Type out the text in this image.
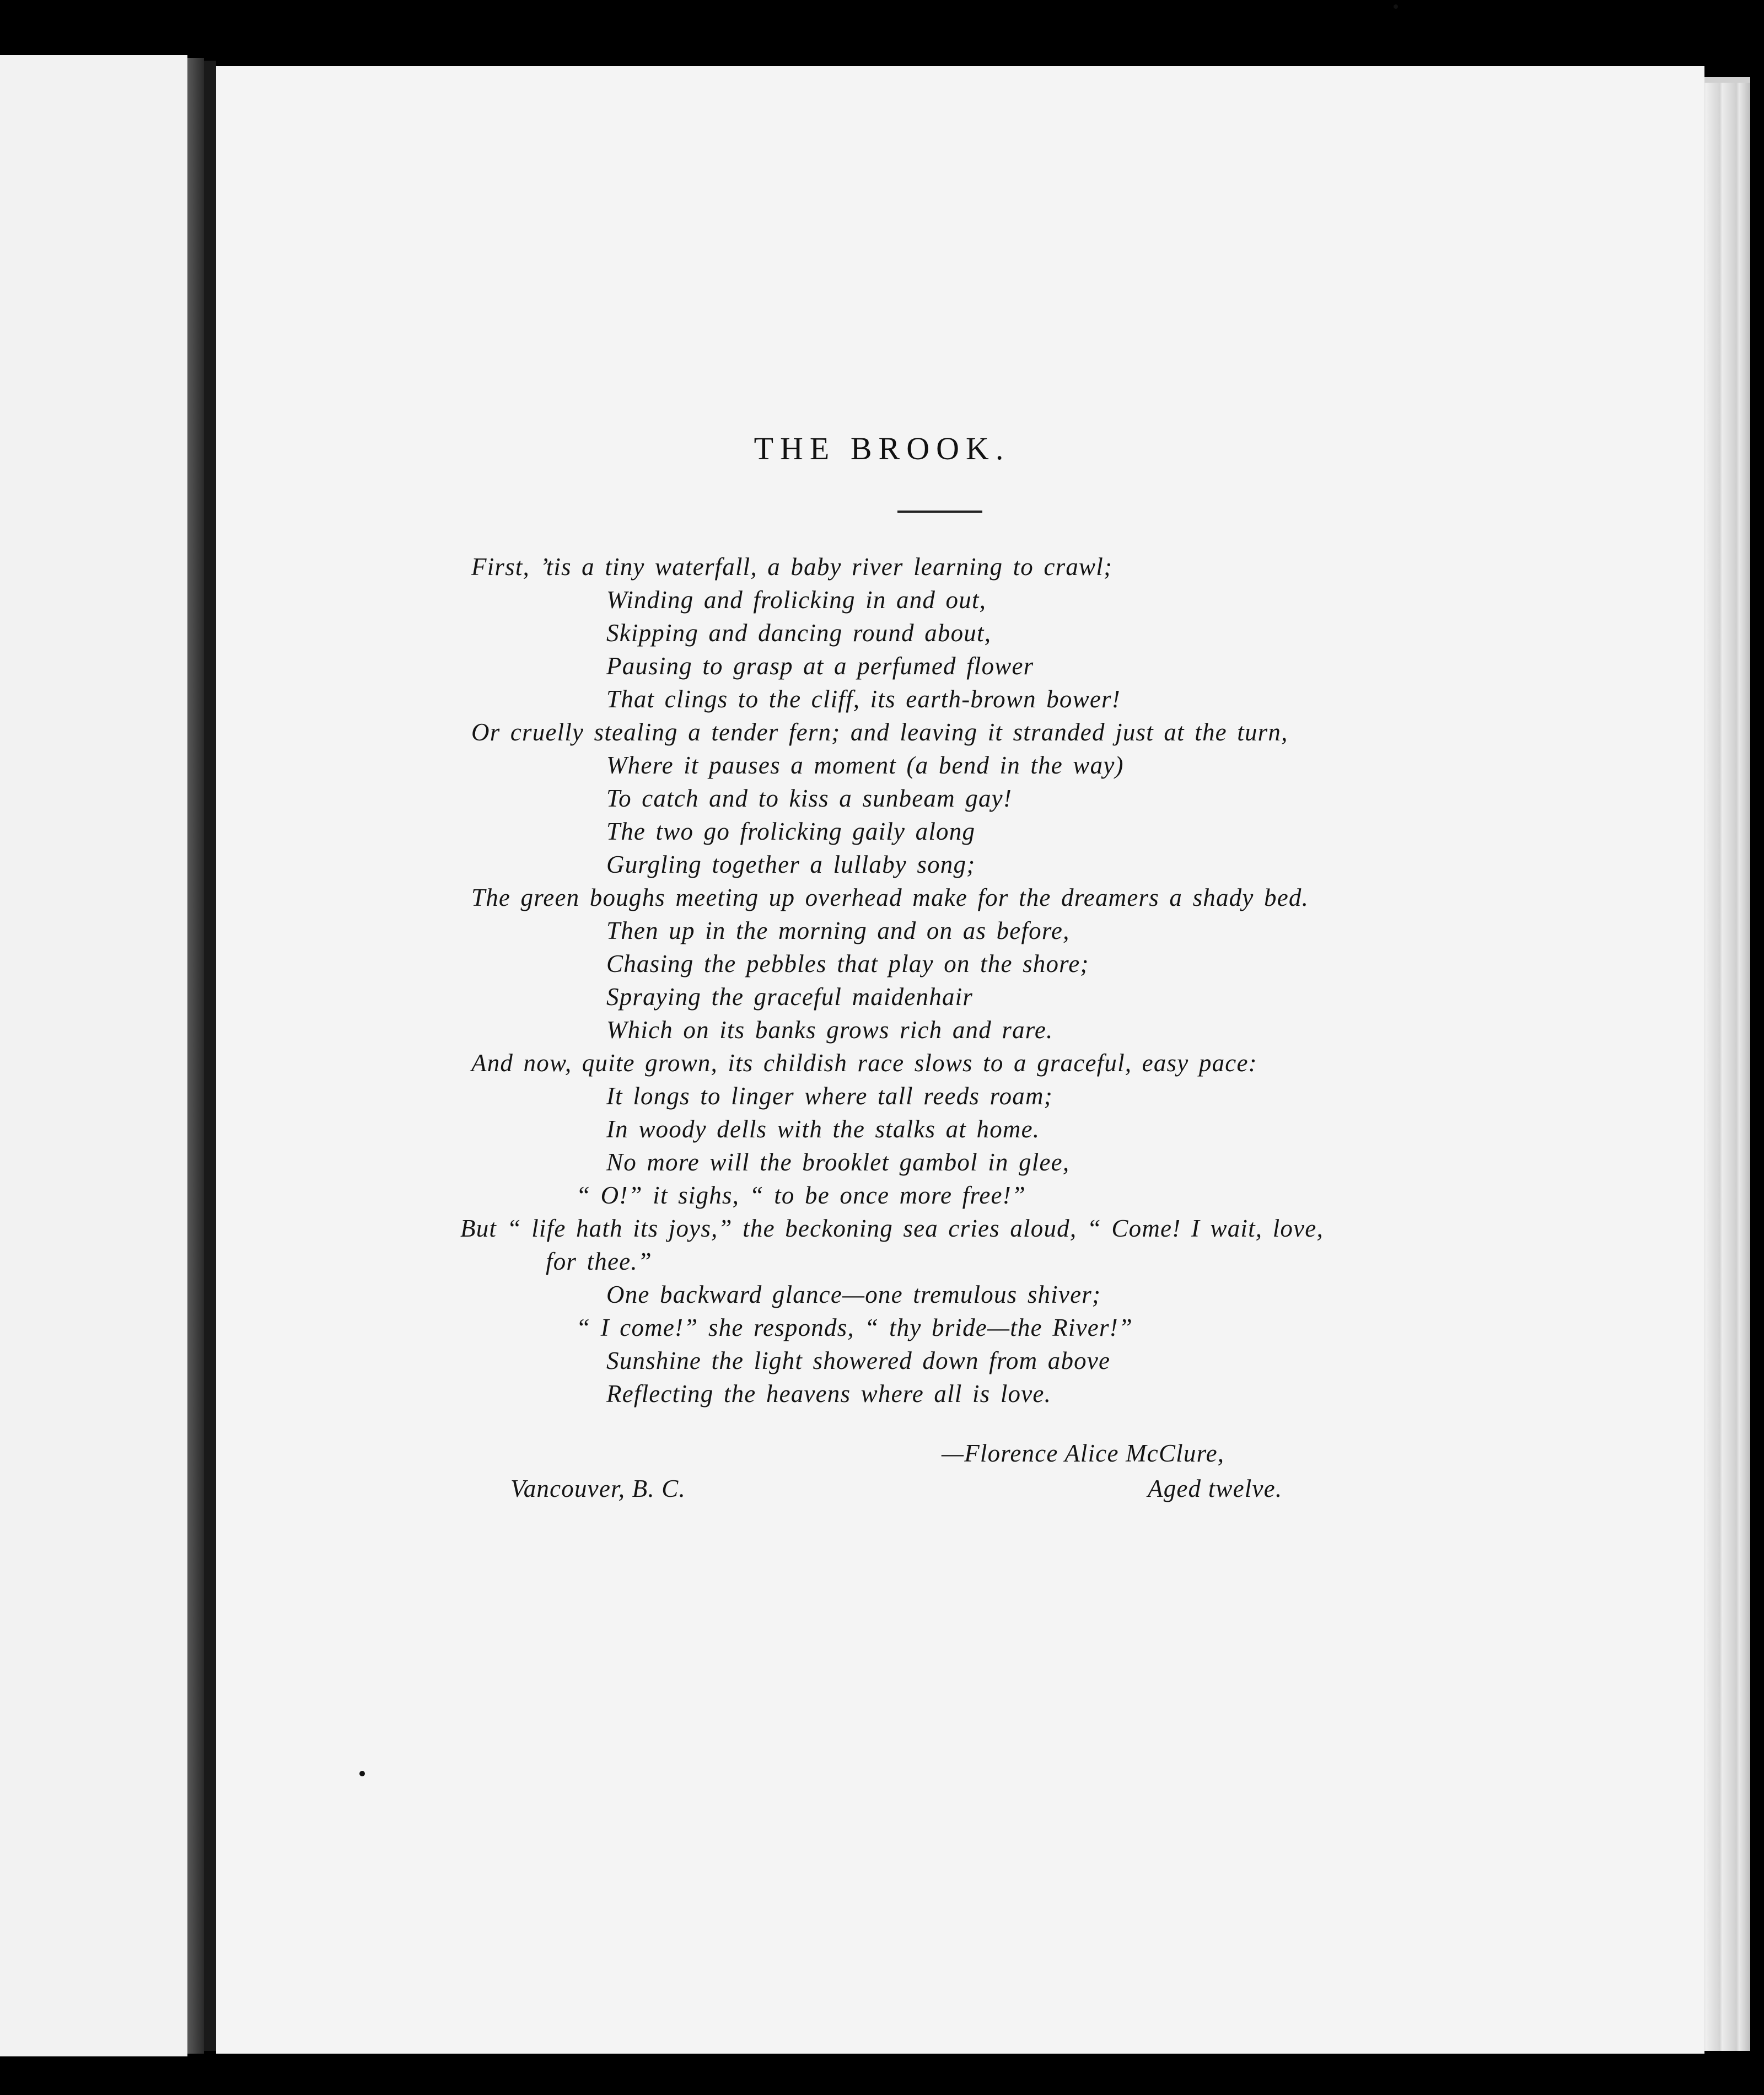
THE BROOK.
First, ’tis a tiny waterfall, a baby river learning to crawl;
Winding and frolicking in and out,
Skipping and dancing round about,
Pausing to grasp at a perfumed flower
That clings to the cliff, its earth-brown bower!
Or cruelly stealing a tender fern; and leaving it stranded just at the turn,
Where it pauses a moment (a bend in the way)
To catch and to kiss a sunbeam gay!
The two go frolicking gaily along
Gurgling together a lullaby song;
The green boughs meeting up overhead make for the dreamers a shady bed.
Then up in the morning and on as before,
Chasing the pebbles that play on the shore;
Spraying the graceful maidenhair
Which on its banks grows rich and rare.
And now, quite grown, its childish race slows to a graceful, easy pace:
It longs to linger where tall reeds roam;
In woody dells with the stalks at home.
No more will the brooklet gambol in glee,
“ O!” it sighs, “ to be once more free!”
But “ life hath its joys,” the beckoning sea cries aloud, “ Come! I wait, love,
for thee.”
One backward glance—one tremulous shiver;
“ I come!” she responds, “ thy bride—the River!”
Sunshine the light showered down from above
Reflecting the heavens where all is love.
—Florence Alice McClure,
Vancouver, B. C.	Aged twelve.
